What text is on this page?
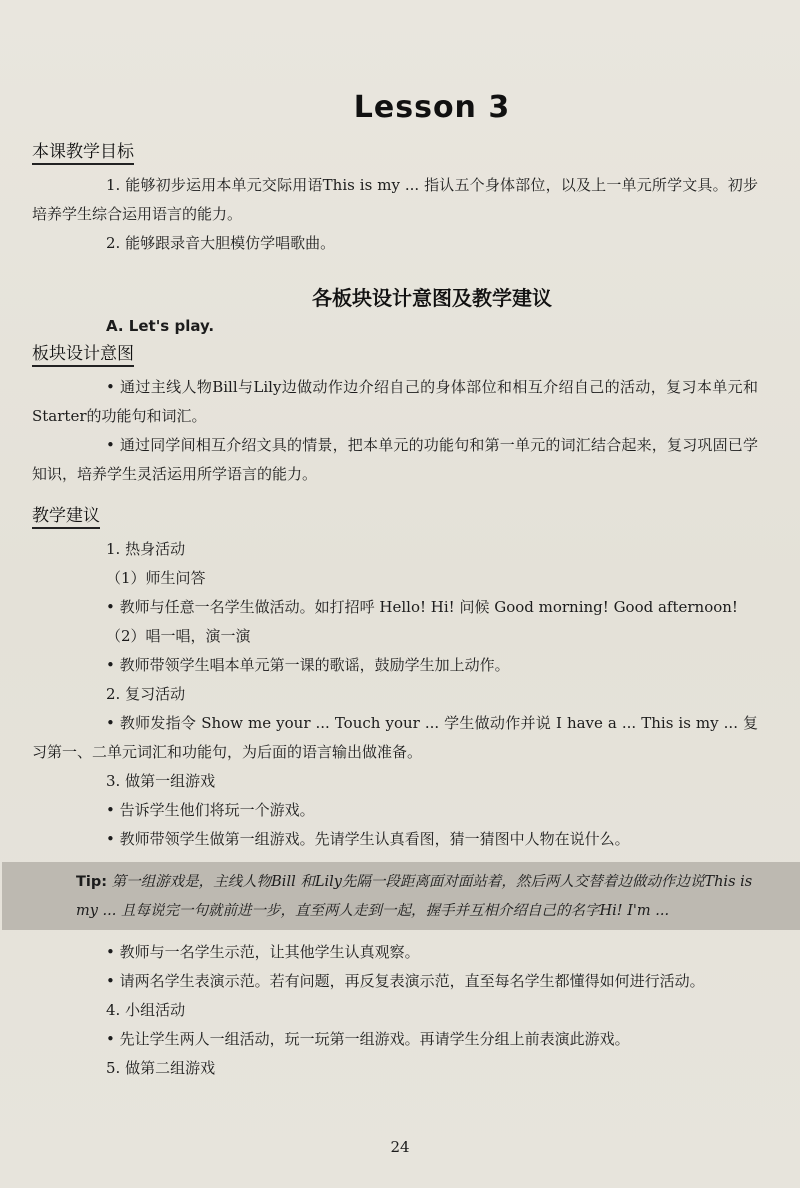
Lesson 3
本课教学目标

1. 能够初步运用本单元交际用语This is my ... 指认五个身体部位，以及上一单元所学文具。初步培养学生综合运用语言的能力。

2. 能够跟录音大胆模仿学唱歌曲。

各板块设计意图及教学建议
A. Let's play.
板块设计意图

• 通过主线人物Bill与Lily边做动作边介绍自己的身体部位和相互介绍自己的活动，复习本单元和Starter的功能句和词汇。

• 通过同学间相互介绍文具的情景，把本单元的功能句和第一单元的词汇结合起来，复习巩固已学知识，培养学生灵活运用所学语言的能力。

教学建议

1. 热身活动

（1）师生问答

• 教师与任意一名学生做活动。如打招呼 Hello! Hi! 问候 Good morning! Good afternoon!

（2）唱一唱，演一演

• 教师带领学生唱本单元第一课的歌谣，鼓励学生加上动作。

2. 复习活动

• 教师发指令 Show me your ... Touch your ... 学生做动作并说 I have a ... This is my ... 复习第一、二单元词汇和功能句，为后面的语言输出做准备。

3. 做第一组游戏

• 告诉学生他们将玩一个游戏。

• 教师带领学生做第一组游戏。先请学生认真看图，猜一猜图中人物在说什么。

Tip: 第一组游戏是，主线人物Bill 和Lily先隔一段距离面对面站着，然后两人交替着边做动作边说This is my ... 且每说完一句就前进一步，直至两人走到一起，握手并互相介绍自己的名字Hi! I'm ...

• 教师与一名学生示范，让其他学生认真观察。

• 请两名学生表演示范。若有问题，再反复表演示范，直至每名学生都懂得如何进行活动。

4. 小组活动

• 先让学生两人一组活动，玩一玩第一组游戏。再请学生分组上前表演此游戏。

5. 做第二组游戏

24
